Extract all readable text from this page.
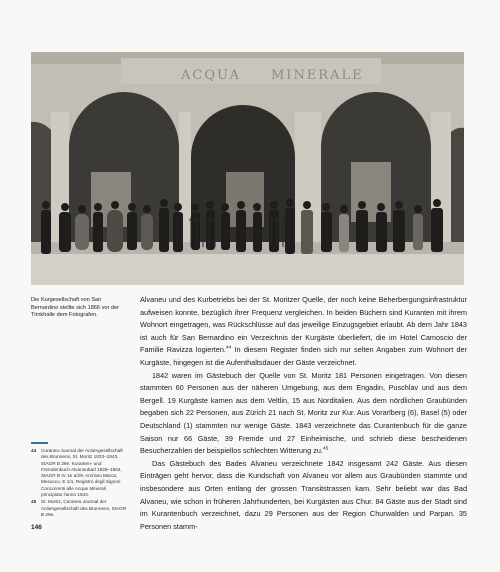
ACQUA MINERALE
Die Kurgesellschaft von San Bernardino stellte sich 1866 vor der Trinkhalle dem Fotografen.
44	Curaneu-Journal der Actiengesellschaft des Brunnens, St. Moritz 1833–1843, StAGR B 29e; Kuranten- und Fremdenbuch Alvaneubad 1828–1864, StAGR B IV 1e a/29; Archivio Marca, Mesocco, E 1/1, Registro degli Signori Concorrenti alle Acque Minerali principiato l'anno 1843.
45	St. Moritz, Curaneu-Journal der Actiengesellschaft des Brunnens, StAGR B 29e.
146

Alvaneu und des Kurbetriebs bei der St. Moritzer Quelle, der noch keine Beherbergungsinfrastruktur aufweisen konnte, bezüglich ihrer Frequenz vergleichen. In beiden Büchern sind Kuranten mit ihrem Wohnort eingetragen, was Rückschlüsse auf das jeweilige Einzugsgebiet erlaubt. Ab dem Jahr 1843 ist auch für San Bernardino ein Verzeichnis der Kurgäste überliefert, die im Hotel Camoscio der Familie Ravizza logierten.$^{44}$ In diesem Register finden sich nur selten Angaben zum Wohnort der Kurgäste, hingegen ist die Aufenthaltsdauer der Gäste verzeichnet.

1842 waren im Gästebuch der Quelle von St. Moritz 181 Personen eingetragen. Von diesen stammten 60 Personen aus der näheren Umgebung, aus dem Engadin, Puschlav und aus dem Bergell. 19 Kurgäste kamen aus dem Veltlin, 15 aus Norditalien. Aus dem nördlichen Graubünden begaben sich 22 Personen, aus Zürich 21 nach St. Moritz zur Kur. Aus Vorarlberg (6), Basel (5) oder Deutschland (1) stammten nur wenige Gäste. 1843 verzeichnete das Curantenbuch für die ganze Saison nur 66 Gäste, 39 Fremde und 27 Einheimische, und schrieb diese bescheidenen Besucherzahlen der beispiellos schlechten Witterung zu.$^{45}$

Das Gästebuch des Bades Alvaneu verzeichnete 1842 insgesamt 242 Gäste. Aus diesen Einträgen geht hervor, dass die Kundschaft von Alvaneu vor allem aus Graubünden stammte und insbesondere aus Orten entlang der grossen Transitstrassen kam. Sehr beliebt war das Bad Alvaneu, wie schon in früheren Jahrhunderten, bei Kurgästen aus Chur. 84 Gäste aus der Stadt sind im Kurantenbuch verzeichnet, dazu 29 Personen aus der Region Churwalden und Parpan. 35 Personen stamm-
